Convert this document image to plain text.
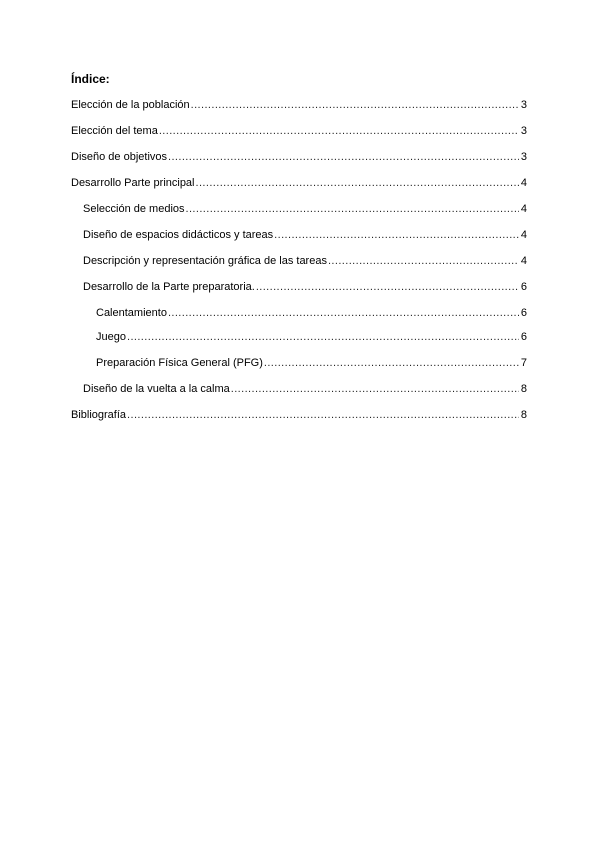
Índice:
Elección de la población .....	3
Elección del tema .....	3
Diseño de objetivos .....	3
Desarrollo Parte principal .....	4
Selección de medios .....	4
Diseño de espacios didácticos y tareas .....	4
Descripción y representación gráfica de las tareas .....	4
Desarrollo de la Parte preparatoria. .....	6
Calentamiento .....	6
Juego .....	6
Preparación Física General (PFG) .....	7
Diseño de la vuelta a la calma .....	8
Bibliografía .....	8
